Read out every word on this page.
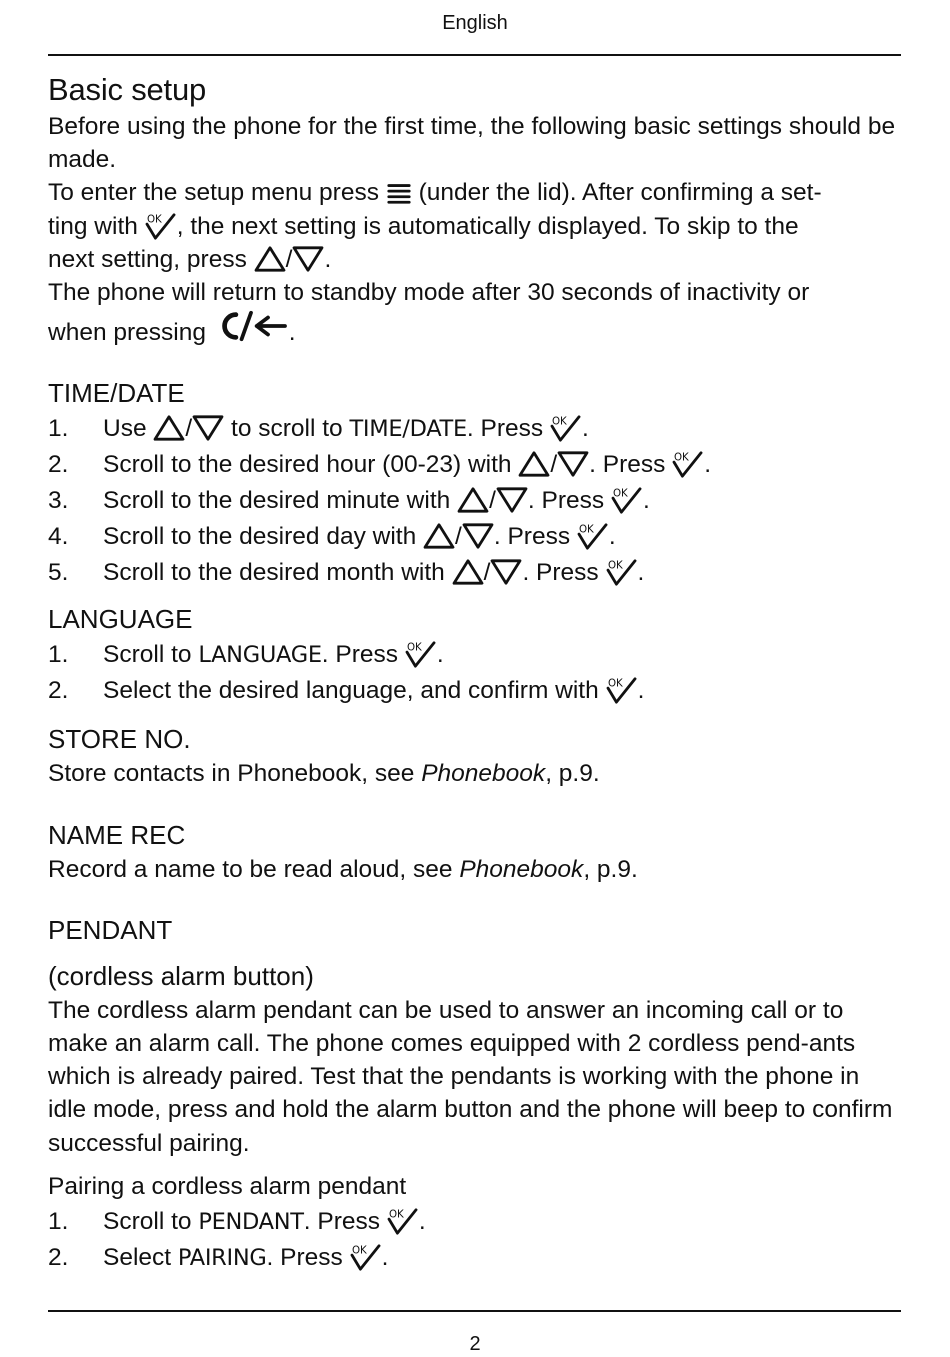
English
Basic setup

Before using the phone for the first time, the following basic settings should be made.

To enter the setup menu press (under the lid). After confirming a set-
ting with , the next setting is automatically displayed. To skip to the
next setting, press / .

The phone will return to standby mode after 30 seconds of inactivity or
when pressing	.

TIME/DATE
1. Use / to scroll to TIME/DATE. Press .
2. Scroll to the desired hour (00-23) with / . Press .
3. Scroll to the desired minute with / . Press .
4. Scroll to the desired day with / . Press .
5. Scroll to the desired month with / . Press .
LANGUAGE
1. Scroll to LANGUAGE. Press .
2. Select the desired language, and confirm with .
STORE NO.

Store contacts in Phonebook, see Phonebook, p.9.

NAME REC

Record a name to be read aloud, see Phonebook, p.9.

PENDANT
(cordless alarm button)

The cordless alarm pendant can be used to answer an incoming call or to make an alarm call. The phone comes equipped with 2 cordless pend-ants which is already paired. Test that the pendants is working with the phone in idle mode, press and hold the alarm button and the phone will beep to confirm successful pairing.

Pairing a cordless alarm pendant
1. Scroll to PENDANT. Press .
2. Select PAIRING. Press .
2
